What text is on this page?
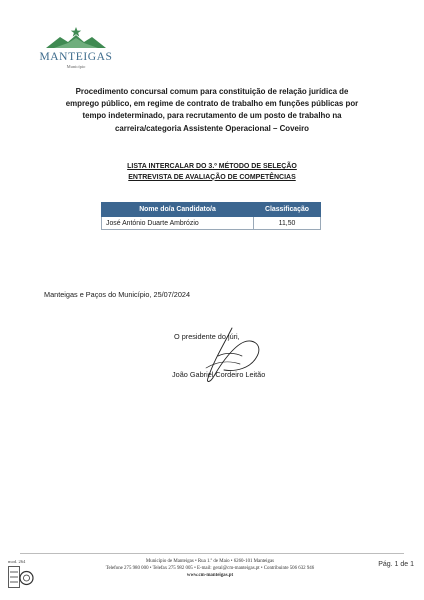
MANTEIGAS
Município
Procedimento concursal comum para constituição de relação jurídica de
emprego público, em regime de contrato de trabalho em funções públicas por
tempo indeterminado, para recrutamento de um posto de trabalho na
carreira/categoria Assistente Operacional – Coveiro
LISTA INTERCALAR DO 3.º MÉTODO DE SELEÇÃO
ENTREVISTA DE AVALIAÇÃO DE COMPETÊNCIAS
Nome do/a Candidato/a	Classificação
José António Duarte Ambrózio	11,50
Manteigas e Paços do Município, 25/07/2024
O presidente do júri,
João Gabriel Cordeiro Leitão
mod. 264	Município de Manteigas • Rua 1.º de Maio • 6260-101 Manteigas
Telefone 275 980 000 • Telefax 275 982 005 • E-mail: geral@cm-manteigas.pt • Contribuinte 506 632 946
www.cm-manteigas.pt
Pág. 1 de 1
